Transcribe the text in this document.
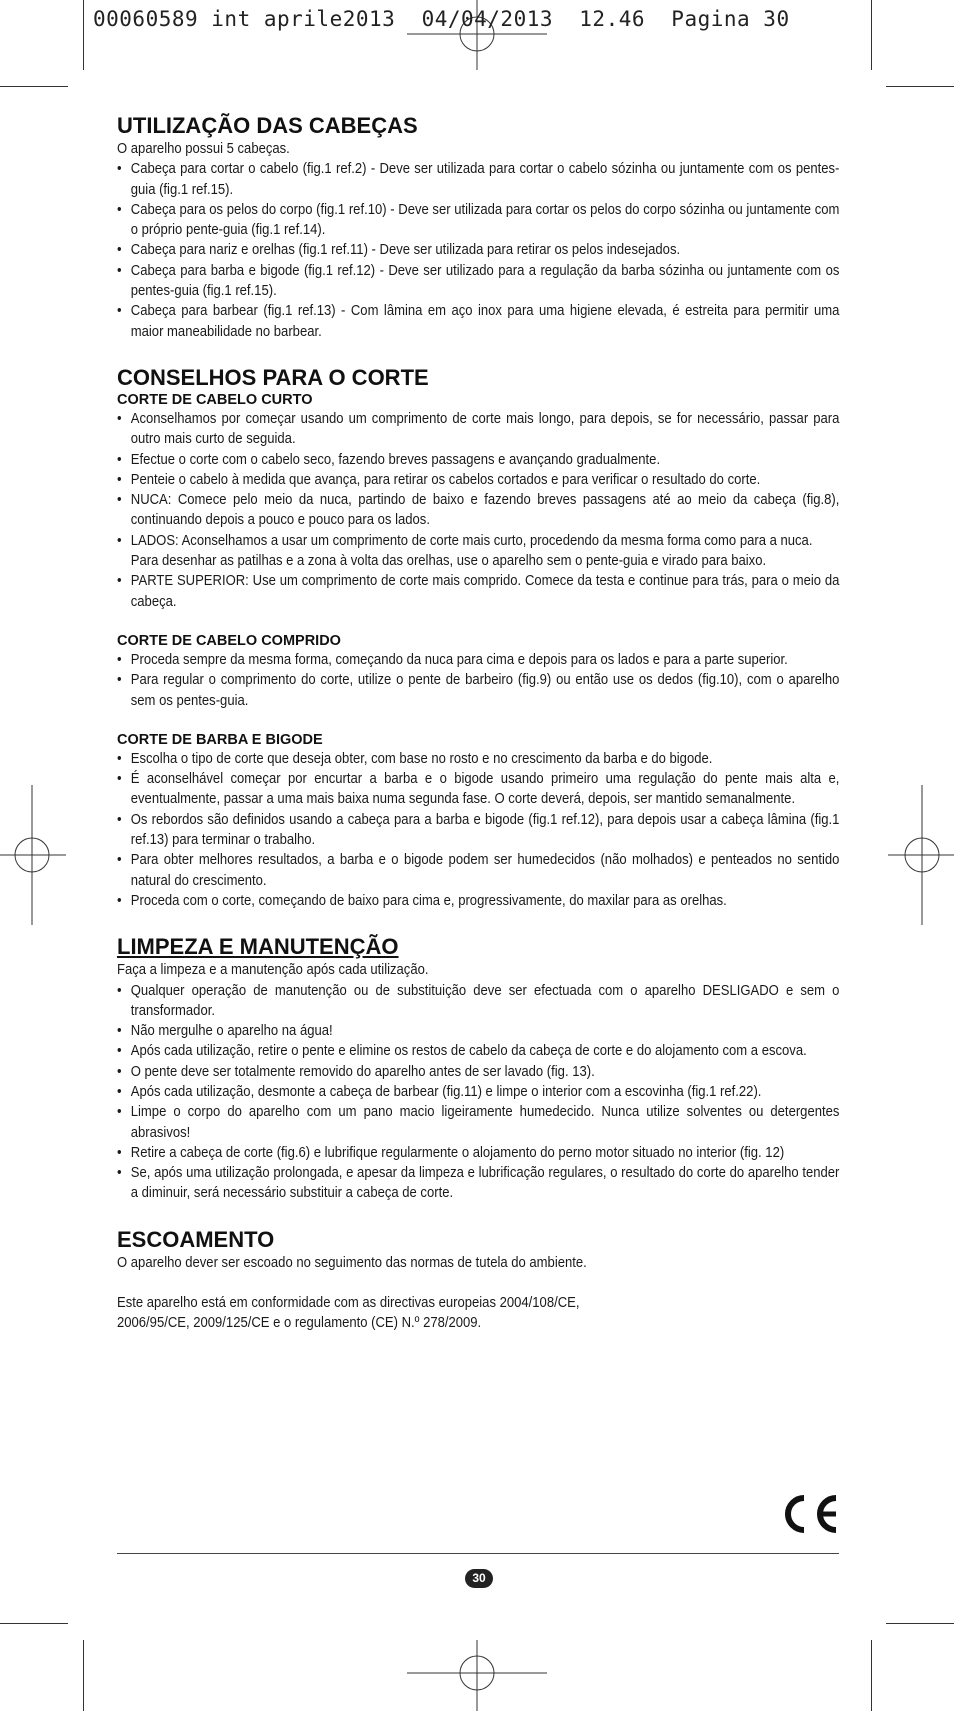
00060589 int aprile2013  04/04/2013  12.46  Pagina 30
UTILIZAÇÃO DAS CABEÇAS

O aparelho possui 5 cabeças.

• Cabeça para cortar o cabelo (fig.1 ref.2) - Deve ser utilizada para cortar o cabelo sózinha ou juntamente com os pentes-guia (fig.1 ref.15).
• Cabeça para os pelos do corpo (fig.1 ref.10) - Deve ser utilizada para cortar os pelos do corpo sózinha ou juntamente com o próprio pente-guia (fig.1 ref.14).
• Cabeça para nariz e orelhas (fig.1 ref.11) - Deve ser utilizada para retirar os pelos indesejados.
• Cabeça para barba e bigode (fig.1 ref.12) - Deve ser utilizado para a regulação da barba sózinha ou juntamente com os pentes-guia (fig.1 ref.15).
• Cabeça para barbear (fig.1 ref.13) - Com lâmina em aço inox para uma higiene elevada, é estreita para permitir uma maior maneabilidade no barbear.
CONSELHOS PARA O CORTE
CORTE DE CABELO CURTO
• Aconselhamos por começar usando um comprimento de corte mais longo, para depois, se for necessário, passar para outro mais curto de seguida.
• Efectue o corte com o cabelo seco, fazendo breves passagens e avançando gradualmente.
• Penteie o cabelo à medida que avança, para retirar os cabelos cortados e para verificar o resultado do corte.
• NUCA: Comece pelo meio da nuca, partindo de baixo e fazendo breves passagens até ao meio da cabeça (fig.8), continuando depois a pouco e pouco para os lados.
• LADOS: Aconselhamos a usar um comprimento de corte mais curto, procedendo da mesma forma como para a nuca.

Para desenhar as patilhas e a zona à volta das orelhas, use o aparelho sem o pente-guia e virado para baixo.

• PARTE SUPERIOR: Use um comprimento de corte mais comprido. Comece da testa e continue para trás, para o meio da cabeça.
CORTE DE CABELO COMPRIDO
• Proceda sempre da mesma forma, começando da nuca para cima e depois para os lados e para a parte superior.
• Para regular o comprimento do corte, utilize o pente de barbeiro (fig.9) ou então use os dedos (fig.10), com o aparelho sem os pentes-guia.
CORTE DE BARBA E BIGODE
• Escolha o tipo de corte que deseja obter, com base no rosto e no crescimento da barba e do bigode.
• É aconselhável começar por encurtar a barba e o bigode usando primeiro uma regulação do pente mais alta e, eventualmente, passar a uma mais baixa numa segunda fase. O corte deverá, depois, ser mantido semanalmente.
• Os rebordos são definidos usando a cabeça para a barba e bigode (fig.1 ref.12), para depois usar a cabeça lâmina (fig.1 ref.13) para terminar o trabalho.
• Para obter melhores resultados, a barba e o bigode podem ser humedecidos (não molhados) e penteados no sentido natural do crescimento.
• Proceda com o corte, começando de baixo para cima e, progressivamente, do maxilar para as orelhas.
LIMPEZA E MANUTENÇÃO

Faça a limpeza e a manutenção após cada utilização.

• Qualquer operação de manutenção ou de substituição deve ser efectuada com o aparelho DESLIGADO e sem o transformador.
• Não mergulhe o aparelho na água!
• Após cada utilização, retire o pente e elimine os restos de cabelo da cabeça de corte e do alojamento com a escova.
• O pente deve ser totalmente removido do aparelho antes de ser lavado (fig. 13).
• Após cada utilização, desmonte a cabeça de barbear (fig.11) e limpe o interior com a escovinha (fig.1 ref.22).
• Limpe o corpo do aparelho com um pano macio ligeiramente humedecido. Nunca utilize solventes ou detergentes abrasivos!
• Retire a cabeça de corte (fig.6) e lubrifique regularmente o alojamento do perno motor situado no interior (fig. 12)
• Se, após uma utilização prolongada, e apesar da limpeza e lubrificação regulares, o resultado do corte do aparelho tender a diminuir, será necessário substituir a cabeça de corte.
ESCOAMENTO

O aparelho dever ser escoado no seguimento das normas de tutela do ambiente.

Este aparelho está em conformidade com as directivas europeias 2004/108/CE,

2006/95/CE, 2009/125/CE e o regulamento (CE) N.º 278/2009.

30
